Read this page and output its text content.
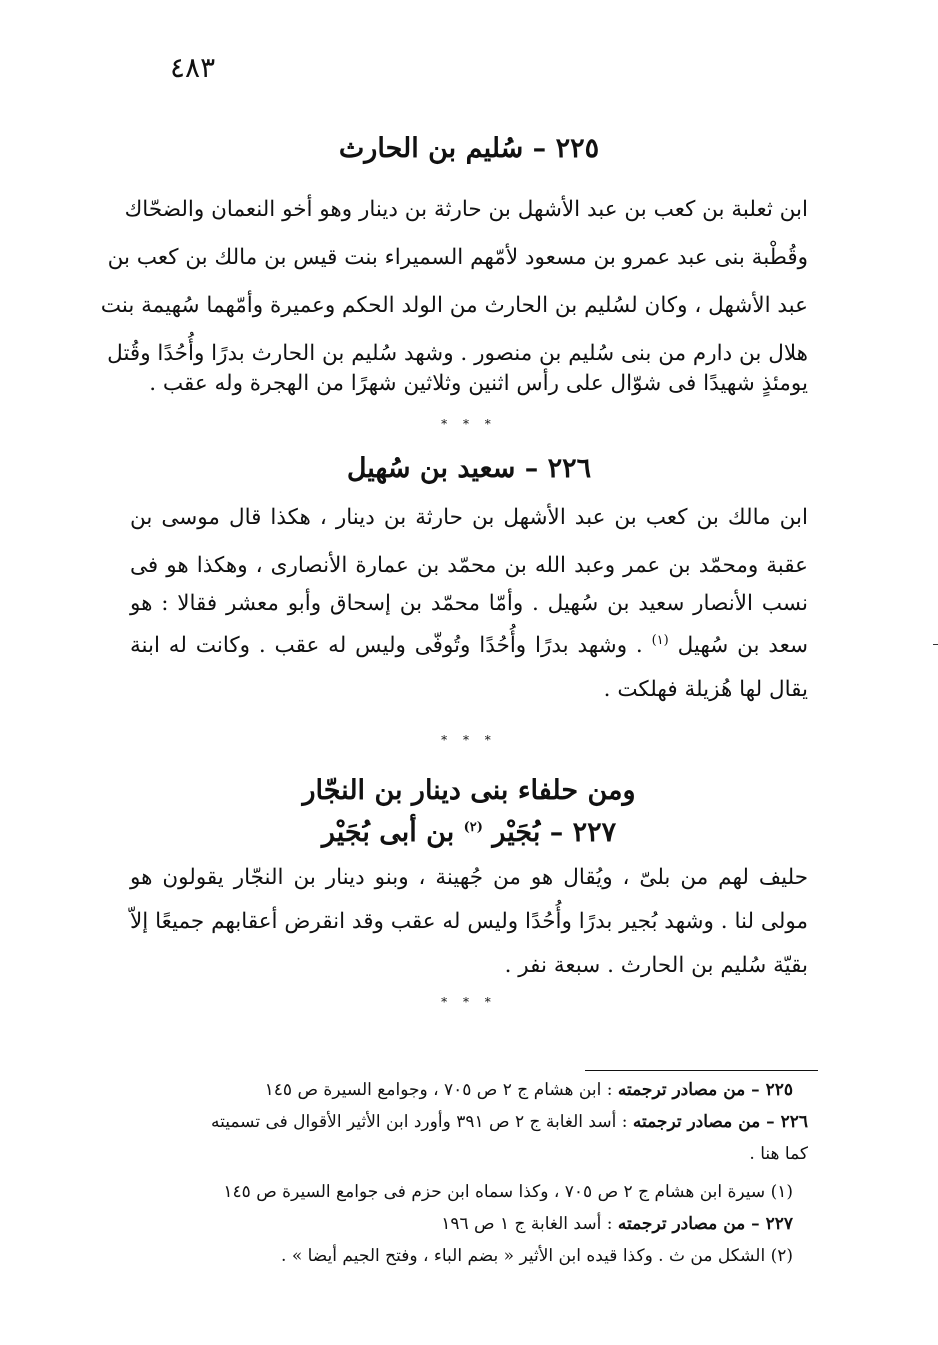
٤٨٣
٢٢٥ – سُليم بن الحارث
ابن ثعلبة بن كعب بن عبد الأشهل بن حارثة بن دينار وهو أخو النعمان والضحّاك
وقُطْبة بنى عبد عمرو بن مسعود لأمّهم السميراء بنت قيس بن مالك بن كعب بن
عبد الأشهل ، وكان لسُليم بن الحارث من الولد الحكم وعميرة وأمّهما سُهيمة بنت
هلال بن دارم من بنى سُليم بن منصور . وشهد سُليم بن الحارث بدرًا وأُحُدًا وقُتل
يومئذٍ شهيدًا فى شوّال على رأس اثنين وثلاثين شهرًا من الهجرة وله عقب .
* * *
٢٢٦ – سعيد بن سُهيل
ابن مالك بن كعب بن عبد الأشهل بن حارثة بن دينار ، هكذا قال موسى بن
عقبة ومحمّد بن عمر وعبد الله بن محمّد بن عمارة الأنصارى ، وهكذا هو فى
نسب الأنصار سعيد بن سُهيل . وأمّا محمّد بن إسحاق وأبو معشر فقالا : هو
سعد بن سُهيل $^{(١)}$ . وشهد بدرًا وأُحُدًا وتُوفّى وليس له عقب . وكانت له ابنة
يقال لها هُزيلة فهلكت .
* * *
ومن حلفاء بنى دينار بن النجّار
٢٢٧ – بُجَيْر $^{(٢)}$ بن أبى بُجَيْر
حليف لهم من بلىّ ، ويُقال هو من جُهينة ، وبنو دينار بن النجّار يقولون هو
مولى لنا . وشهد بُجير بدرًا وأُحُدًا وليس له عقب وقد انقرض أعقابهم جميعًا إلاّ
بقيّة سُليم بن الحارث . سبعة نفر .
* * *
٢٢٥ – من مصادر ترجمته : ابن هشام ج ٢ ص ٧٠٥ ، وجوامع السيرة ص ١٤٥
٢٢٦ – من مصادر ترجمته : أسد الغابة ج ٢ ص ٣٩١ وأورد ابن الأثير الأقوال فى تسميته
كما هنا .
(١) سيرة ابن هشام ج ٢ ص ٧٠٥ ، وكذا سماه ابن حزم فى جوامع السيرة ص ١٤٥
٢٢٧ – من مصادر ترجمته : أسد الغابة ج ١ ص ١٩٦
(٢) الشكل من ث . وكذا قيده ابن الأثير « بضم الباء ، وفتح الجيم أيضا » .
